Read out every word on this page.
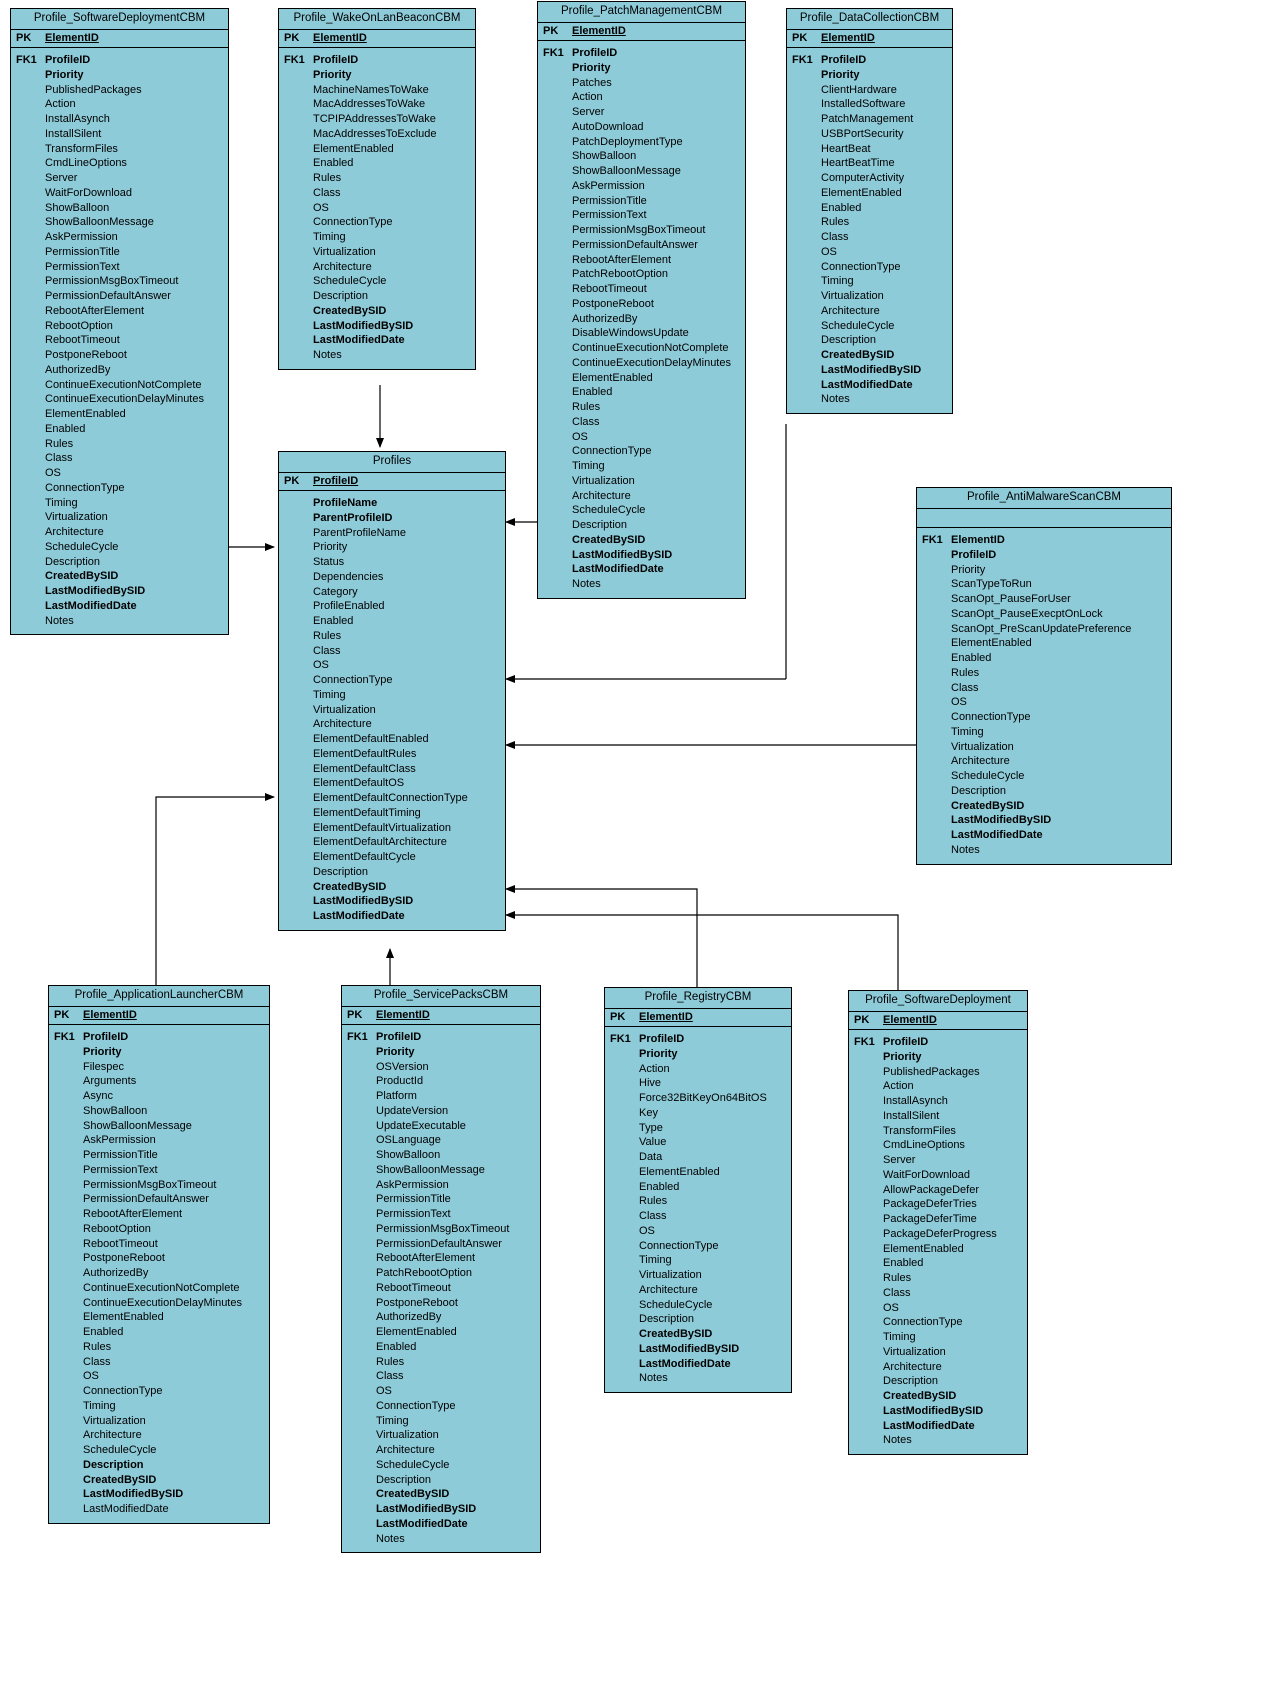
Profile_SoftwareDeploymentCBM
PK	ElementID
FK1 ProfileID
Priority
PublishedPackages
Action
InstallAsynch
InstallSilent
TransformFiles
CmdLineOptions
Server
WaitForDownload
ShowBalloon
ShowBalloonMessage
AskPermission
PermissionTitle
PermissionText
PermissionMsgBoxTimeout
PermissionDefaultAnswer
RebootAfterElement
RebootOption
RebootTimeout
PostponeReboot
AuthorizedBy
ContinueExecutionNotComplete
ContinueExecutionDelayMinutes
ElementEnabled
Enabled
Rules
Class
OS
ConnectionType
Timing
Virtualization
Architecture
ScheduleCycle
Description
CreatedBySID
LastModifiedBySID
LastModifiedDate
Notes
Profile_WakeOnLanBeaconCBM
PK	ElementID
FK1 ProfileID
Priority
MachineNamesToWake
MacAddressesToWake
TCPIPAddressesToWake
MacAddressesToExclude
ElementEnabled
Enabled
Rules
Class
OS
ConnectionType
Timing
Virtualization
Architecture
ScheduleCycle
Description
CreatedBySID
LastModifiedBySID
LastModifiedDate
Notes
Profile_PatchManagementCBM
PK	ElementID
FK1 ProfileID
Priority
Patches
Action
Server
AutoDownload
PatchDeploymentType
ShowBalloon
ShowBalloonMessage
AskPermission
PermissionTitle
PermissionText
PermissionMsgBoxTimeout
PermissionDefaultAnswer
RebootAfterElement
PatchRebootOption
RebootTimeout
PostponeReboot
AuthorizedBy
DisableWindowsUpdate
ContinueExecutionNotComplete
ContinueExecutionDelayMinutes
ElementEnabled
Enabled
Rules
Class
OS
ConnectionType
Timing
Virtualization
Architecture
ScheduleCycle
Description
CreatedBySID
LastModifiedBySID
LastModifiedDate
Notes
Profile_DataCollectionCBM
PK	ElementID
FK1 ProfileID
Priority
ClientHardware
InstalledSoftware
PatchManagement
USBPortSecurity
HeartBeat
HeartBeatTime
ComputerActivity
ElementEnabled
Enabled
Rules
Class
OS
ConnectionType
Timing
Virtualization
Architecture
ScheduleCycle
Description
CreatedBySID
LastModifiedBySID
LastModifiedDate
Notes
Profiles
PK	ProfileID
ProfileName
ParentProfileID
ParentProfileName
Priority
Status
Dependencies
Category
ProfileEnabled
Enabled
Rules
Class
OS
ConnectionType
Timing
Virtualization
Architecture
ElementDefaultEnabled
ElementDefaultRules
ElementDefaultClass
ElementDefaultOS
ElementDefaultConnectionType
ElementDefaultTiming
ElementDefaultVirtualization
ElementDefaultArchitecture
ElementDefaultCycle
Description
CreatedBySID
LastModifiedBySID
LastModifiedDate
Profile_AntiMalwareScanCBM
FK1 ElementID
ProfileID
Priority
ScanTypeToRun
ScanOpt_PauseForUser
ScanOpt_PauseExecptOnLock
ScanOpt_PreScanUpdatePreference
ElementEnabled
Enabled
Rules
Class
OS
ConnectionType
Timing
Virtualization
Architecture
ScheduleCycle
Description
CreatedBySID
LastModifiedBySID
LastModifiedDate
Notes
Profile_ApplicationLauncherCBM
PK	ElementID
FK1 ProfileID
Priority
Filespec
Arguments
Async
ShowBalloon
ShowBalloonMessage
AskPermission
PermissionTitle
PermissionText
PermissionMsgBoxTimeout
PermissionDefaultAnswer
RebootAfterElement
RebootOption
RebootTimeout
PostponeReboot
AuthorizedBy
ContinueExecutionNotComplete
ContinueExecutionDelayMinutes
ElementEnabled
Enabled
Rules
Class
OS
ConnectionType
Timing
Virtualization
Architecture
ScheduleCycle
Description
CreatedBySID
LastModifiedBySID
LastModifiedDate
Profile_ServicePacksCBM
PK	ElementID
FK1 ProfileID
Priority
OSVersion
ProductId
Platform
UpdateVersion
UpdateExecutable
OSLanguage
ShowBalloon
ShowBalloonMessage
AskPermission
PermissionTitle
PermissionText
PermissionMsgBoxTimeout
PermissionDefaultAnswer
RebootAfterElement
PatchRebootOption
RebootTimeout
PostponeReboot
AuthorizedBy
ElementEnabled
Enabled
Rules
Class
OS
ConnectionType
Timing
Virtualization
Architecture
ScheduleCycle
Description
CreatedBySID
LastModifiedBySID
LastModifiedDate
Notes
Profile_RegistryCBM
PK	ElementID
FK1 ProfileID
Priority
Action
Hive
Force32BitKeyOn64BitOS
Key
Type
Value
Data
ElementEnabled
Enabled
Rules
Class
OS
ConnectionType
Timing
Virtualization
Architecture
ScheduleCycle
Description
CreatedBySID
LastModifiedBySID
LastModifiedDate
Notes
Profile_SoftwareDeployment
PK	ElementID
FK1 ProfileID
Priority
PublishedPackages
Action
InstallAsynch
InstallSilent
TransformFiles
CmdLineOptions
Server
WaitForDownload
AllowPackageDefer
PackageDeferTries
PackageDeferTime
PackageDeferProgress
ElementEnabled
Enabled
Rules
Class
OS
ConnectionType
Timing
Virtualization
Architecture
Description
CreatedBySID
LastModifiedBySID
LastModifiedDate
Notes
